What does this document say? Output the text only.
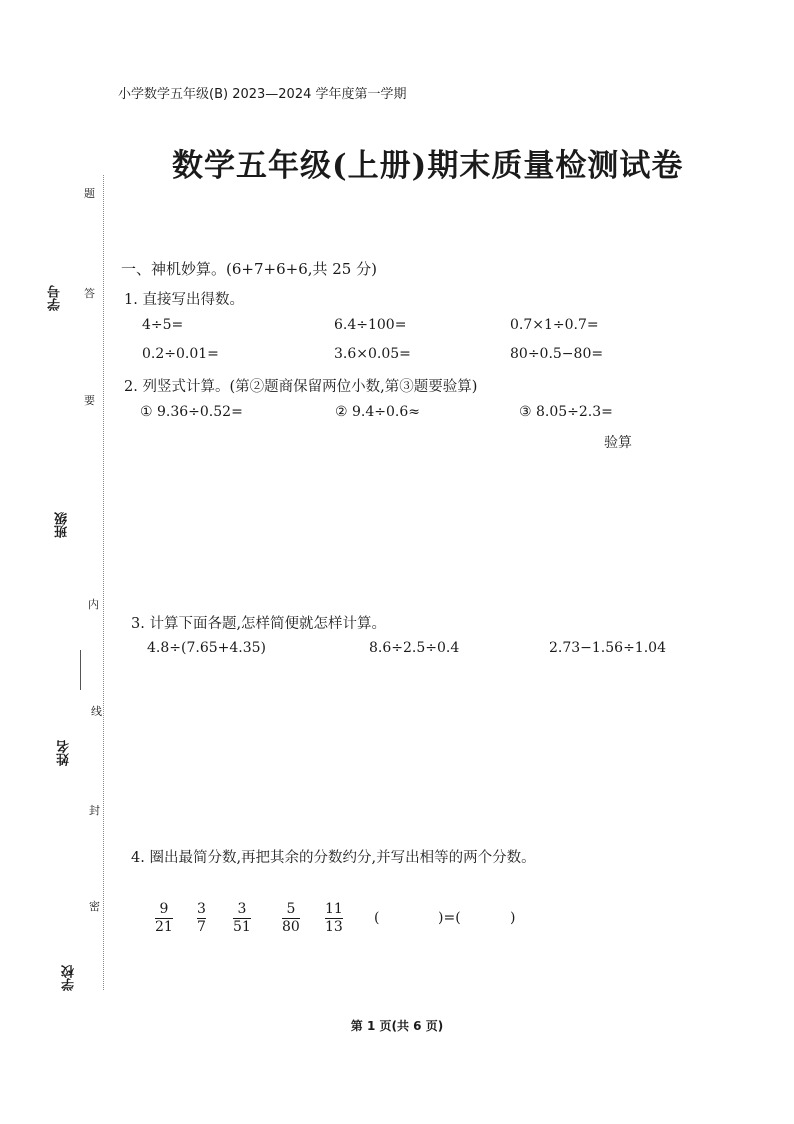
学号
班级
姓名
学校
题
答
要
内
线
封
密
小学数学五年级(B) 2023—2024 学年度第一学期
数学五年级(上册)期末质量检测试卷
一、神机妙算。(6+7+6+6,共 25 分)
1. 直接写出得数。
4÷5=	6.4÷100=	0.7×1÷0.7=
0.2÷0.01=	3.6×0.05=	80÷0.5−80=
2. 列竖式计算。(第②题商保留两位小数,第③题要验算)
① 9.36÷0.52=	② 9.4÷0.6≈	③ 8.05÷2.3=
验算
3. 计算下面各题,怎样简便就怎样计算。
4.8÷(7.65+4.35)	8.6÷2.5÷0.4	2.73−1.56÷1.04
4. 圈出最简分数,再把其余的分数约分,并写出相等的两个分数。
9
21
3
7
3
51
5
80
11
13
(	)=(	)
第 1 页(共 6 页)
